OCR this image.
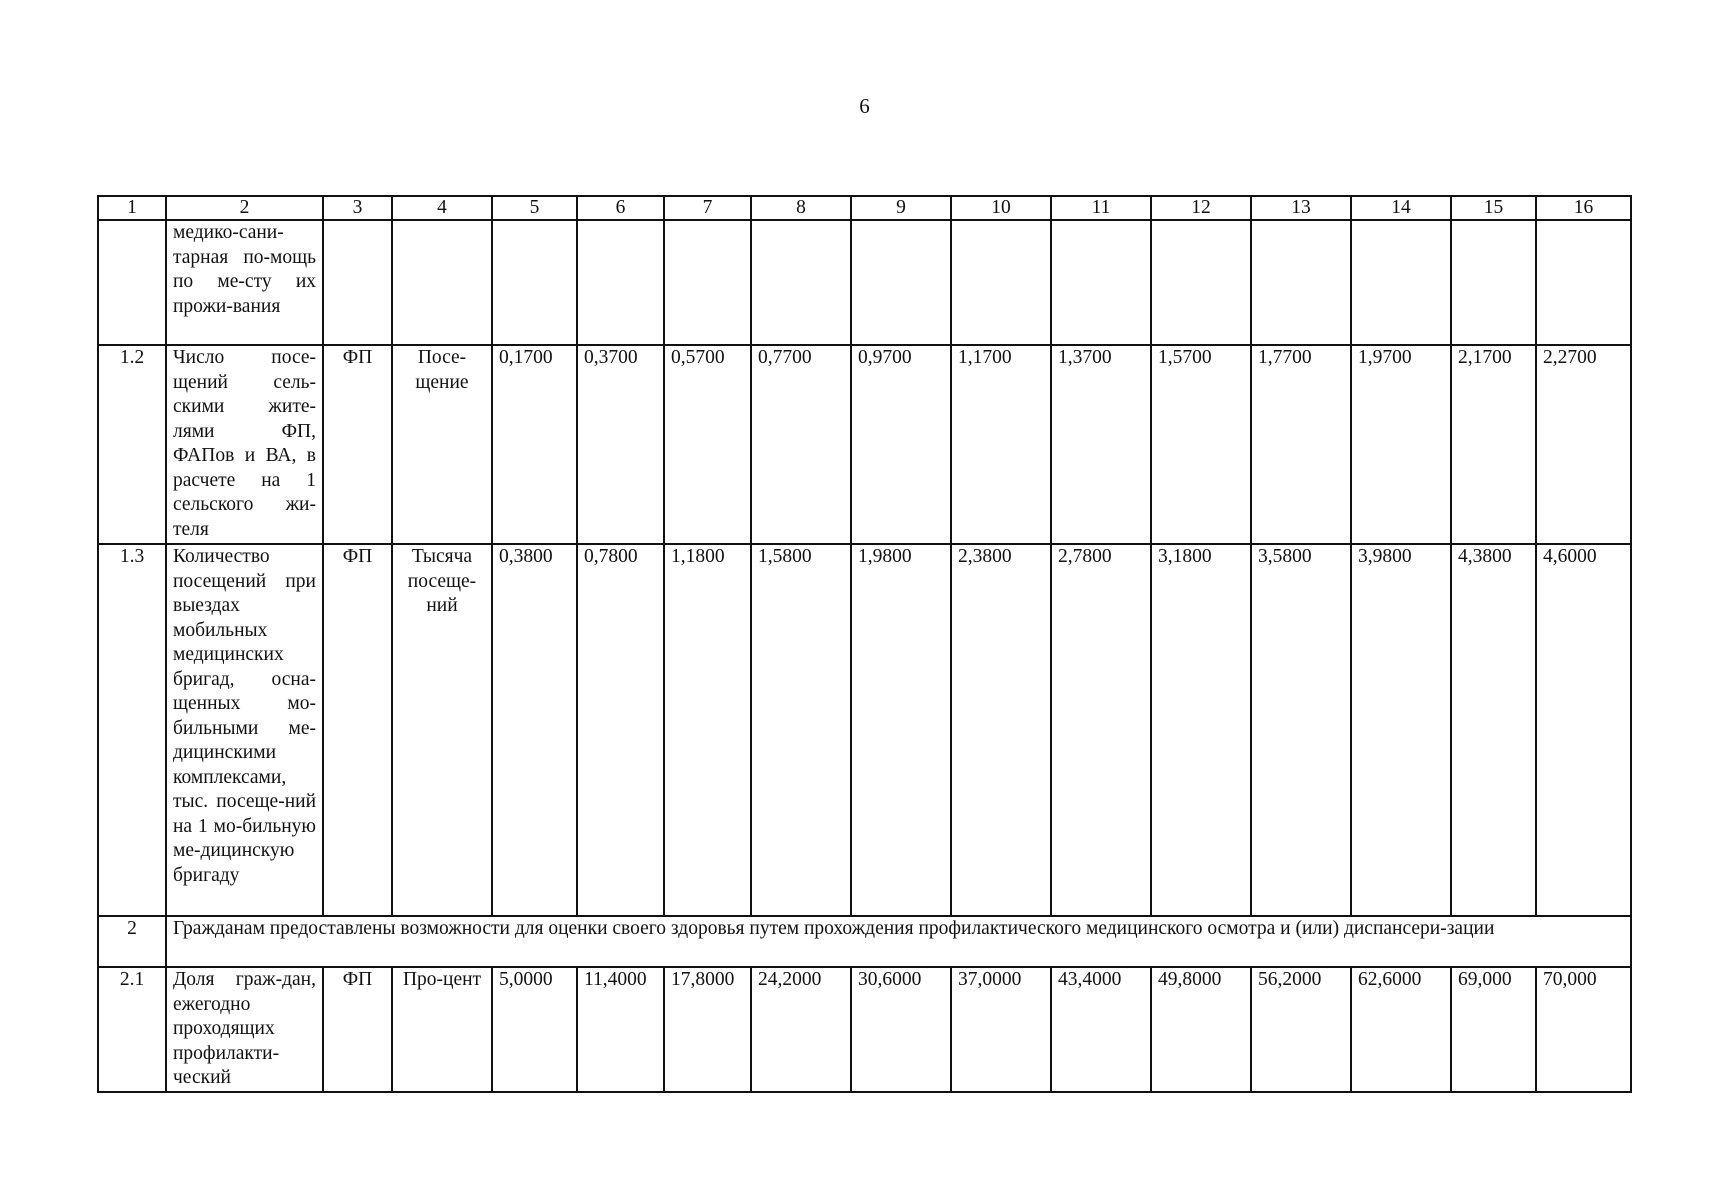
6
1	2	3	4	5	6	7	8	9	10	11	12	13	14	15	16
	медико-сани-тарная по-мощь по ме-сту их прожи-вания														
1.2	Число посе-щений сель-скими жите-лями ФП, ФАПов и ВА, в расчете на 1 сельского жи-теля	ФП	Посе-щение	0,1700	0,3700	0,5700	0,7700	0,9700	1,1700	1,3700	1,5700	1,7700	1,9700	2,1700	2,2700
1.3	Количество посещений при выездах мобильных медицинских бригад, осна-щенных мо-бильными ме-дицинскими комплексами, тыс. посеще-ний на 1 мо-бильную ме-дицинскую бригаду	ФП	Тысяча посеще-ний	0,3800	0,7800	1,1800	1,5800	1,9800	2,3800	2,7800	3,1800	3,5800	3,9800	4,3800	4,6000
2	Гражданам предоставлены возможности для оценки своего здоровья путем прохождения профилактического медицинского осмотра и (или) диспансери-зации														
2.1	Доля граж-дан, ежегодно проходящих профилакти-ческий	ФП	Про-цент	5,0000	11,4000	17,8000	24,2000	30,6000	37,0000	43,4000	49,8000	56,2000	62,6000	69,000	70,000
